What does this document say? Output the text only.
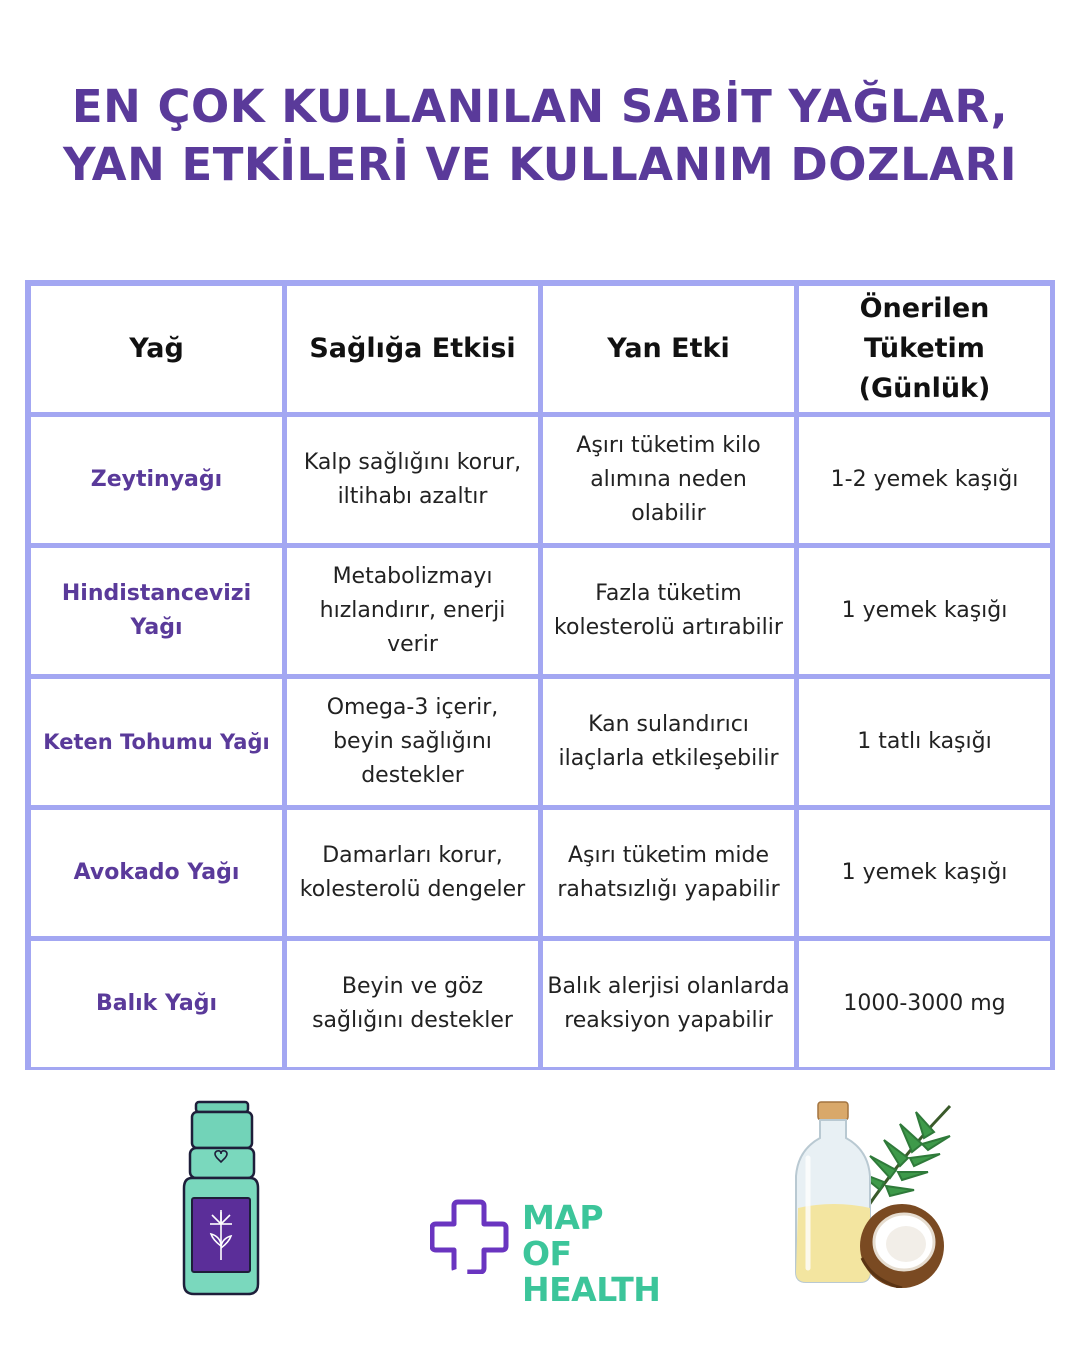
EN ÇOK KULLANILAN SABİT YAĞLAR,
YAN ETKİLERİ VE KULLANIM DOZLARI
Yağ	Sağlığa Etkisi	Yan Etki
Önerilen Tüketim (Günlük)
Zeytinyağı
Kalp sağlığını korur, iltihabı azaltır
Aşırı tüketim kilo alımına neden olabilir
1-2 yemek kaşığı
Hindistancevizi Yağı
Metabolizmayı hızlandırır, enerji verir
Fazla tüketim kolesterolü artırabilir
1 yemek kaşığı
Keten Tohumu Yağı
Omega-3 içerir, beyin sağlığını destekler
Kan sulandırıcı ilaçlarla etkileşebilir
1 tatlı kaşığı
Avokado Yağı
Damarları korur, kolesterolü dengeler
Aşırı tüketim mide rahatsızlığı yapabilir
1 yemek kaşığı
Balık Yağı
Beyin ve göz sağlığını destekler
Balık alerjisi olanlarda reaksiyon yapabilir
1000-3000 mg
MAP OF
HEALTH
